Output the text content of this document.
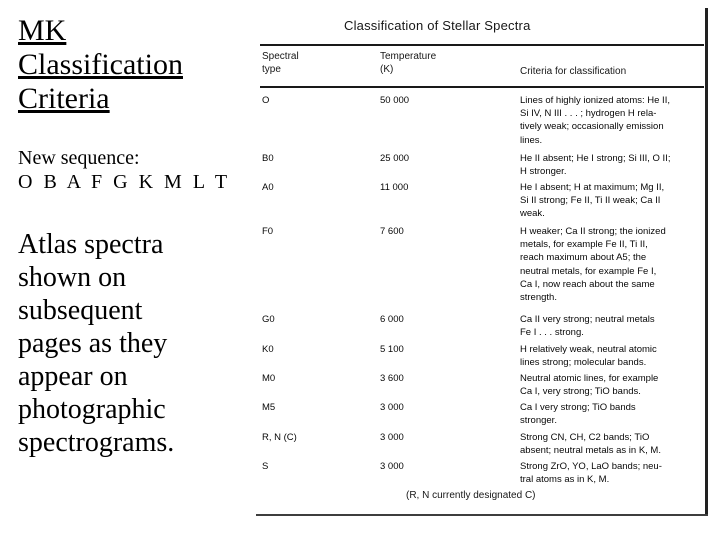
MK
Classification
Criteria
New sequence:
O B A F G K M L T
Atlas spectra
shown on
subsequent
pages as they
appear on
photographic
spectrograms.
Classification of Stellar Spectra
Spectral
type
Temperature
(K)	Criteria for classification
O	50 000	Lines of highly ionized atoms: He II,
Si IV, N III . . . ; hydrogen H rela-
tively weak; occasionally emission
lines.
B0	25 000	He II absent; He I strong; Si III, O II;
H stronger.
A0	11 000	He I absent; H at maximum; Mg II,
Si II strong; Fe II, Ti II weak; Ca II
weak.
F0	7 600	H weaker; Ca II strong; the ionized
metals, for example Fe II, Ti II,
reach maximum about A5; the
neutral metals, for example Fe I,
Ca I, now reach about the same
strength.
G0	6 000	Ca II very strong; neutral metals
Fe I . . . strong.
K0	5 100	H relatively weak, neutral atomic
lines strong; molecular bands.
M0	3 600	Neutral atomic lines, for example
Ca I, very strong; TiO bands.
M5	3 000	Ca I very strong; TiO bands
stronger.
R, N (C)	3 000	Strong CN, CH, C2 bands; TiO
absent; neutral metals as in K, M.
S	3 000	Strong ZrO, YO, LaO bands; neu-
tral atoms as in K, M.
(R, N currently designated C)
